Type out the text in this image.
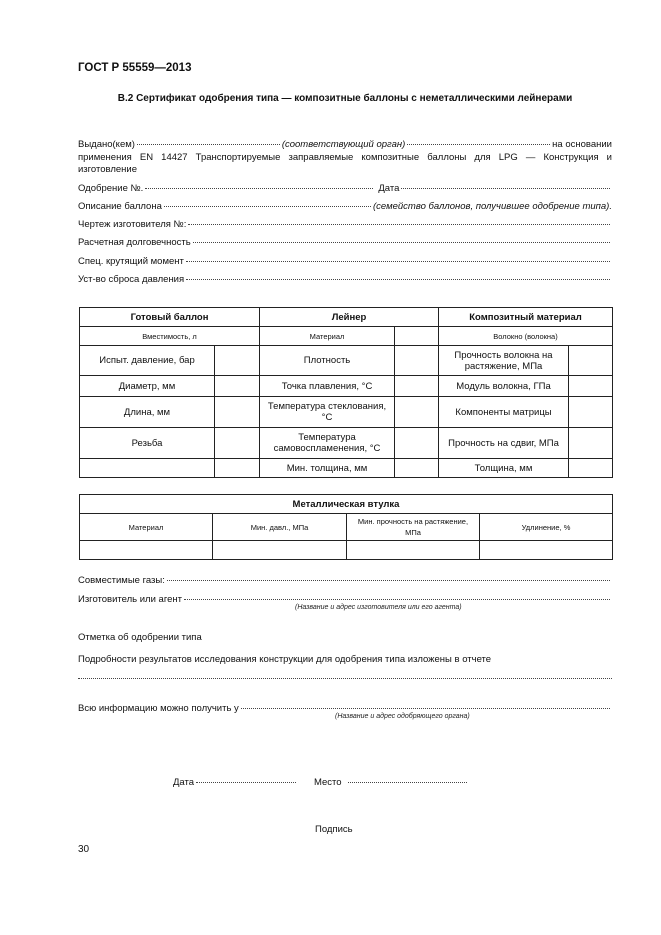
ГОСТ Р 55559—2013
В.2 Сертификат одобрения типа — композитные баллоны с неметаллическими лейнерами
Выдано(кем)	(соответствующий орган)	на основании
применения EN 14427 Транспортируемые заправляемые композитные баллоны для LPG — Конструкция и изготовление
Одобрение №.	Дата
Описание баллона	(семейство баллонов, получившее одобрение типа).
Чертеж изготовителя №:
Расчетная долговечность
Спец. крутящий момент
Уст-во сброса давления
Готовый баллон		Лейнер		Композитный материал	
Вместимость, л		Материал		Волокно (волокна)	
Испыт. давление, бар		Плотность		Прочность волокна на растяжение, МПа	
Диаметр, мм		Точка плавления, °С		Модуль волокна, ГПа	
Длина, мм		Температура стеклования, °С		Компоненты матрицы	
Резьба		Температура самовоспламенения, °С		Прочность на сдвиг, МПа	
		Мин. толщина, мм		Толщина, мм	
Металлическая втулка			
Материал	Мин. давл., МПа	Мин. прочность на растяжение, МПа	Удлинение, %

Совместимые газы:
Изготовитель или агент
(Название и адрес изготовителя или его агента)
Отметка об одобрении типа
Подробности результатов исследования конструкции для одобрения типа изложены в отчете
Всю информацию можно получить у
(Название и адрес одобряющего органа)
Дата	Место
Подпись
30
